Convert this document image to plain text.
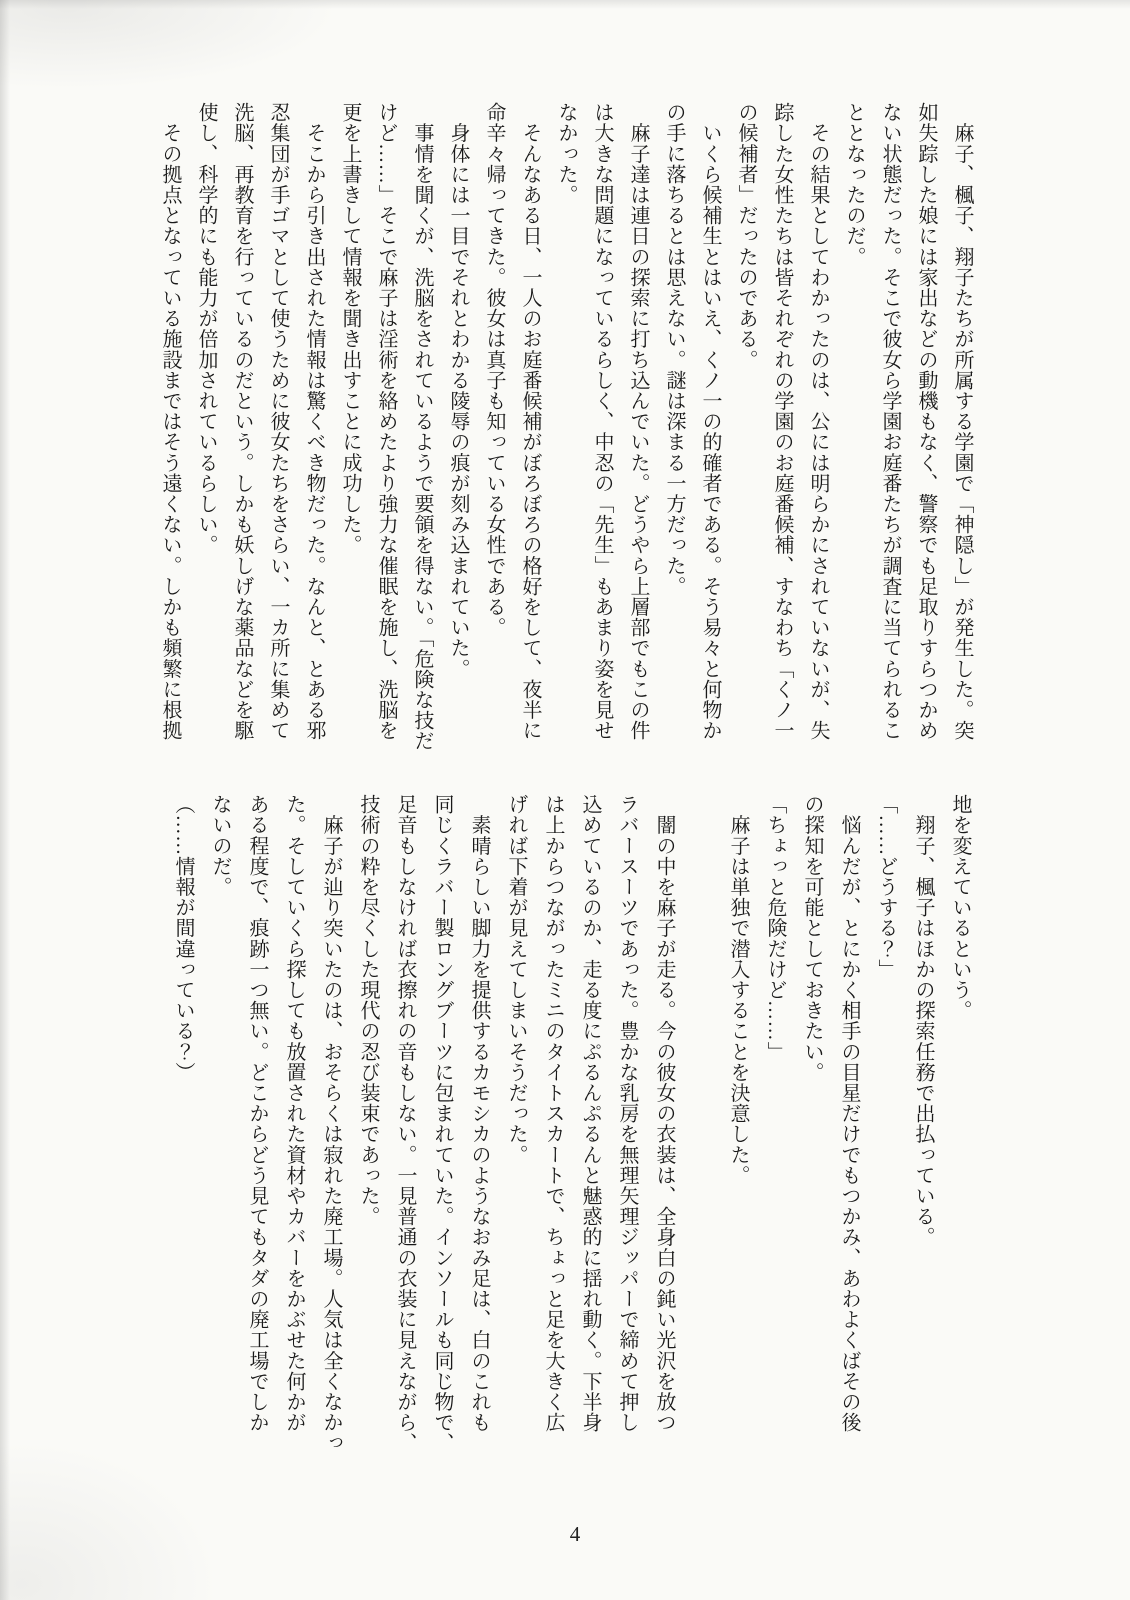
　麻子、楓子、翔子たちが所属する学園で「神隠し」が発生した。突
如失踪した娘には家出などの動機もなく、警察でも足取りすらつかめ
ない状態だった。そこで彼女ら学園お庭番たちが調査に当てられるこ
ととなったのだ。
　その結果としてわかったのは、公には明らかにされていないが、失
踪した女性たちは皆それぞれの学園のお庭番候補、すなわち「くノ一
の候補者」だったのである。
　いくら候補生とはいえ、くノ一の的確者である。そう易々と何物か
の手に落ちるとは思えない。謎は深まる一方だった。
　麻子達は連日の探索に打ち込んでいた。どうやら上層部でもこの件
は大きな問題になっているらしく、中忍の「先生」もあまり姿を見せ
なかった。
　そんなある日、一人のお庭番候補がぼろぼろの格好をして、夜半に
命辛々帰ってきた。彼女は真子も知っている女性である。
　身体には一目でそれとわかる陵辱の痕が刻み込まれていた。
　事情を聞くが、洗脳をされているようで要領を得ない。「危険な技だ
けど……」そこで麻子は淫術を絡めたより強力な催眠を施し、洗脳を
更を上書きして情報を聞き出すことに成功した。
　そこから引き出された情報は驚くべき物だった。なんと、とある邪
忍集団が手ゴマとして使うために彼女たちをさらい、一カ所に集めて
洗脳、再教育を行っているのだという。しかも妖しげな薬品などを駆
使し、科学的にも能力が倍加されているらしい。
　その拠点となっている施設まではそう遠くない。しかも頻繁に根拠
地を変えているという。
　翔子、楓子はほかの探索任務で出払っている。
「……どうする？」
　悩んだが、とにかく相手の目星だけでもつかみ、あわよくばその後
の探知を可能としておきたい。
「ちょっと危険だけど……」
　麻子は単独で潜入することを決意した。
　闇の中を麻子が走る。今の彼女の衣装は、全身白の鈍い光沢を放つ
ラバースーツであった。豊かな乳房を無理矢理ジッパーで締めて押し
込めているのか、走る度にぷるんぷるんと魅惑的に揺れ動く。下半身
は上からつながったミニのタイトスカートで、ちょっと足を大きく広
げれば下着が見えてしまいそうだった。
　素晴らしい脚力を提供するカモシカのようなおみ足は、白のこれも
同じくラバー製ロングブーツに包まれていた。インソールも同じ物で、
足音もしなければ衣擦れの音もしない。一見普通の衣装に見えながら、
技術の粋を尽くした現代の忍び装束であった。
　麻子が辿り突いたのは、おそらくは寂れた廃工場。人気は全くなかっ
た。そしていくら探しても放置された資材やカバーをかぶせた何かが
ある程度で、痕跡一つ無い。どこからどう見てもタダの廃工場でしか
ないのだ。
（……情報が間違っている？）
4
